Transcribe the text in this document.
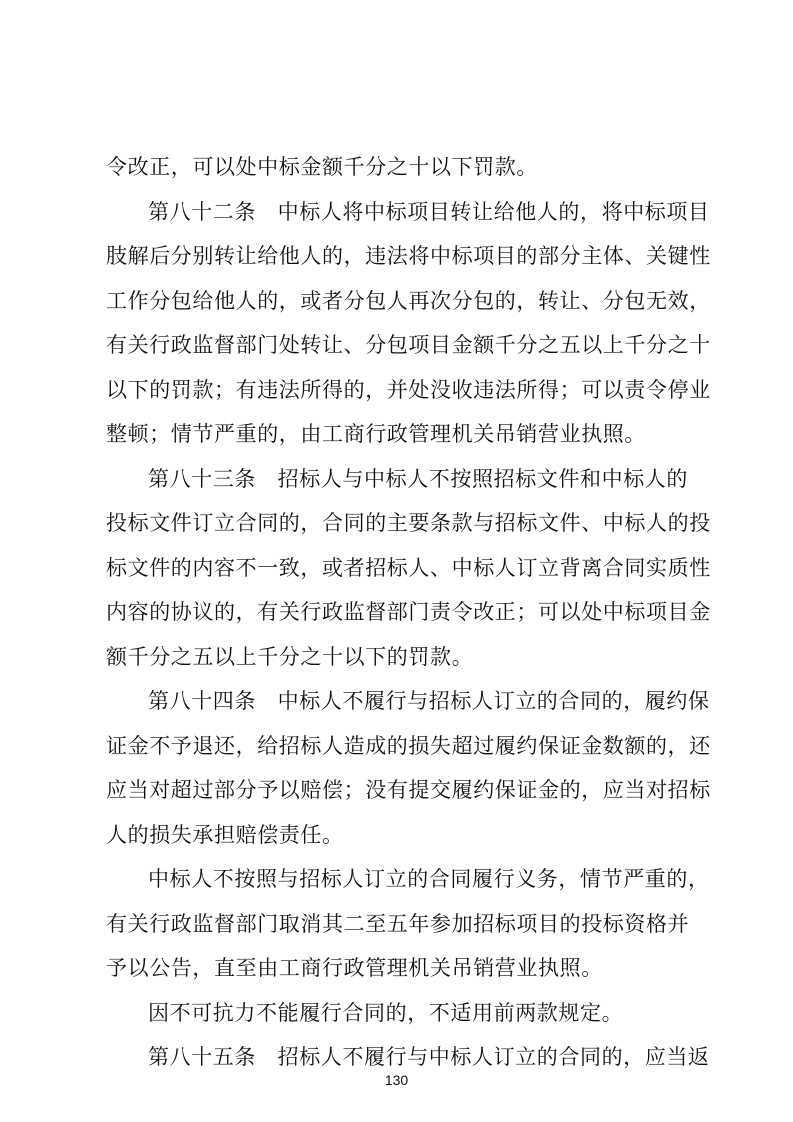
令改正，可以处中标金额千分之十以下罚款。
第八十二条　中标人将中标项目转让给他人的，将中标项目
肢解后分别转让给他人的，违法将中标项目的部分主体、关键性
工作分包给他人的，或者分包人再次分包的，转让、分包无效，
有关行政监督部门处转让、分包项目金额千分之五以上千分之十
以下的罚款；有违法所得的，并处没收违法所得；可以责令停业
整顿；情节严重的，由工商行政管理机关吊销营业执照。
第八十三条　招标人与中标人不按照招标文件和中标人的
投标文件订立合同的，合同的主要条款与招标文件、中标人的投
标文件的内容不一致，或者招标人、中标人订立背离合同实质性
内容的协议的，有关行政监督部门责令改正；可以处中标项目金
额千分之五以上千分之十以下的罚款。
第八十四条　中标人不履行与招标人订立的合同的，履约保
证金不予退还，给招标人造成的损失超过履约保证金数额的，还
应当对超过部分予以赔偿；没有提交履约保证金的，应当对招标
人的损失承担赔偿责任。
中标人不按照与招标人订立的合同履行义务，情节严重的，
有关行政监督部门取消其二至五年参加招标项目的投标资格并
予以公告，直至由工商行政管理机关吊销营业执照。
因不可抗力不能履行合同的，不适用前两款规定。
第八十五条　招标人不履行与中标人订立的合同的，应当返
130
